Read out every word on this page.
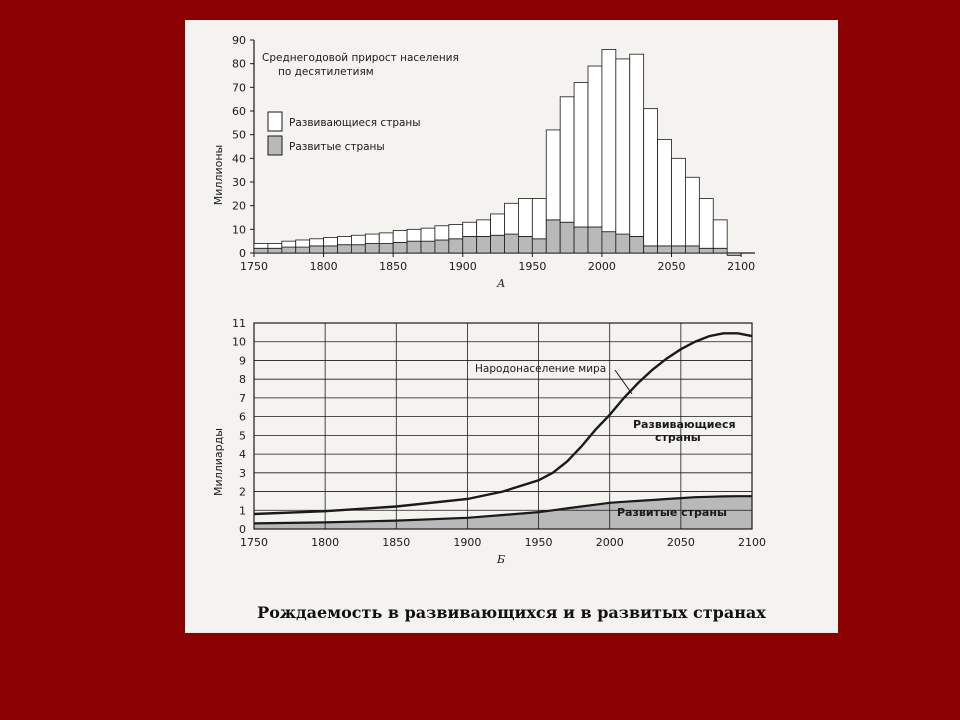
0
10
20
30
40
50
60
70
80
90
1750	1800	1850	1900	1950	2000	2050	2100
Среднегодовой прирост населения
по десятилетиям
Развивающиеся страны
Развитые страны
Миллионы
А
0
1
2
3
4
5
6
7
8
9
10
11
1750	1800	1850	1900	1950	2000	2050	2100
Миллиарды
Народонаселение мира
Развивающиеся
страны
Развитые страны
Б
Рождаемость в развивающихся и в развитых странах
